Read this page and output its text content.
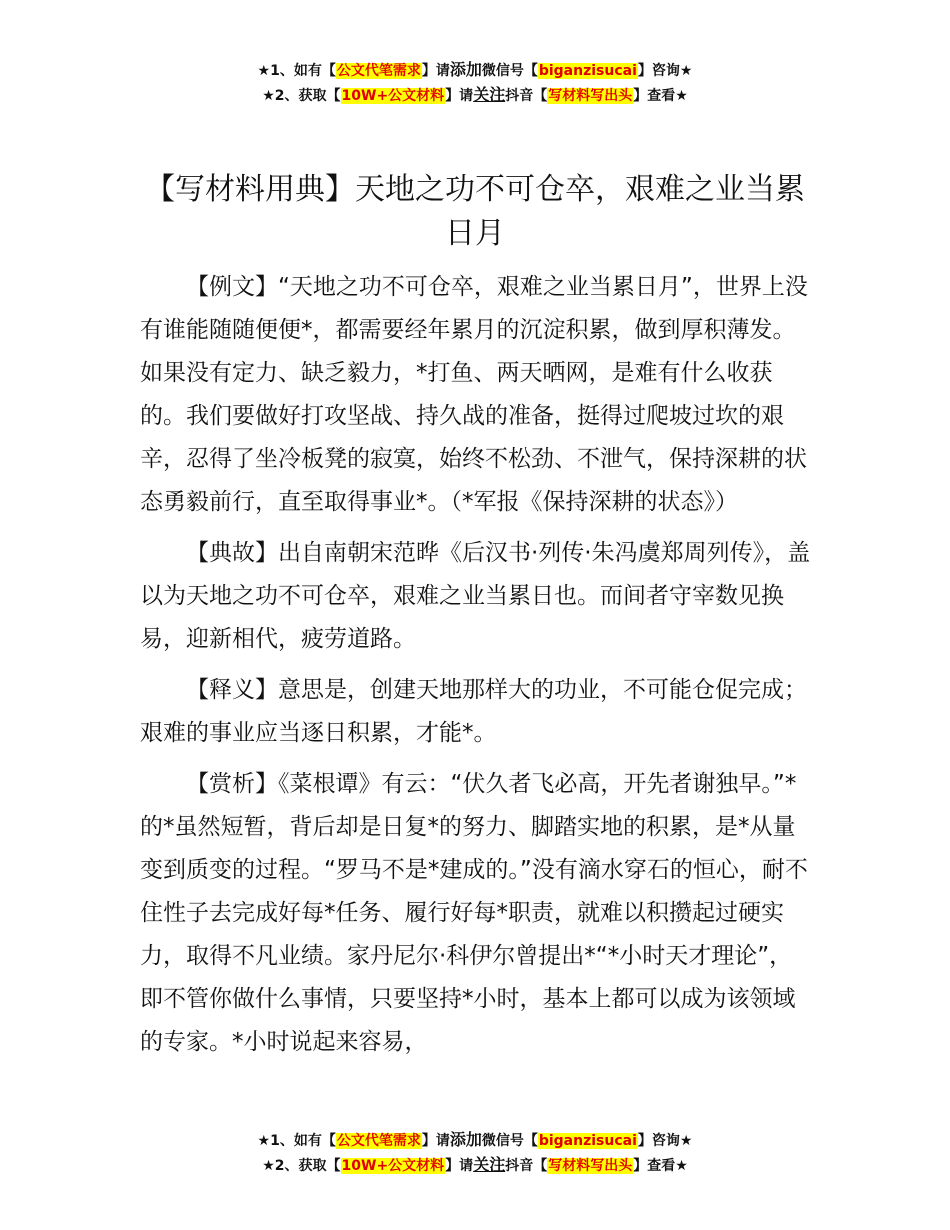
★1、如有【公文代笔需求】请添加微信号【biganzisucai】咨询★
★2、获取【10W+公文材料】请关注抖音【写材料写出头】查看★
【写材料用典】天地之功不可仓卒，艰难之业当累日月

【例文】“天地之功不可仓卒，艰难之业当累日月”，世界上没有谁能随随便便*，都需要经年累月的沉淀积累，做到厚积薄发。如果没有定力、缺乏毅力，*打鱼、两天晒网，是难有什么收获的。我们要做好打攻坚战、持久战的准备，挺得过爬坡过坎的艰辛，忍得了坐冷板凳的寂寞，始终不松劲、不泄气，保持深耕的状态勇毅前行，直至取得事业*。（*军报《保持深耕的状态》）

【典故】出自南朝宋范晔《后汉书·列传·朱冯虞郑周列传》，盖以为天地之功不可仓卒，艰难之业当累日也。而间者守宰数见换易，迎新相代，疲劳道路。

【释义】意思是，创建天地那样大的功业，不可能仓促完成；艰难的事业应当逐日积累，才能*。

【赏析】《菜根谭》有云：“伏久者飞必高，开先者谢独早。”*的*虽然短暂，背后却是日复*的努力、脚踏实地的积累，是*从量变到质变的过程。“罗马不是*建成的。”没有滴水穿石的恒心，耐不住性子去完成好每*任务、履行好每*职责，就难以积攒起过硬实力，取得不凡业绩。家丹尼尔·科伊尔曾提出*“*小时天才理论”，即不管你做什么事情，只要坚持*小时，基本上都可以成为该领域的专家。*小时说起来容易，

★1、如有【公文代笔需求】请添加微信号【biganzisucai】咨询★
★2、获取【10W+公文材料】请关注抖音【写材料写出头】查看★
